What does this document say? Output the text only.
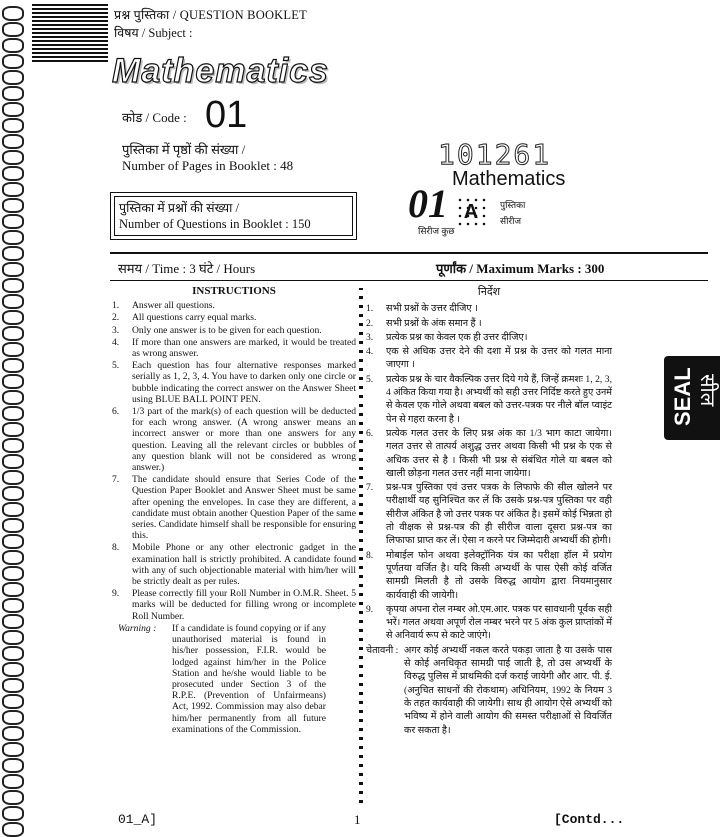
प्रश्न पुस्तिका / QUESTION BOOKLET
विषय / Subject :
Mathematics
कोड / Code : 01
पुस्तिका में पृष्ठों की संख्या /
Number of Pages in Booklet : 48
पुस्तिका में प्रश्नों की संख्या /
Number of Questions in Booklet : 150
101261
01
Mathematics
A
सिरीज कुछ
पुस्तिका
सीरीज
समय / Time : 3 घंटे / Hours	पूर्णांक / Maximum Marks : 300
INSTRUCTIONS
1.	Answer all questions.
2.	All questions carry equal marks.
3.	Only one answer is to be given for each question.
4.	If more than one answers are marked, it would be treated as wrong answer.
5.	Each question has four alternative responses marked serially as 1, 2, 3, 4. You have to darken only one circle or bubble indicating the correct answer on the Answer Sheet using BLUE BALL POINT PEN.
6.	1/3 part of the mark(s) of each question will be deducted for each wrong answer. (A wrong answer means an incorrect answer or more than one answers for any question. Leaving all the relevant circles or bubbles of any question blank will not be considered as wrong answer.)
7.	The candidate should ensure that Series Code of the Question Paper Booklet and Answer Sheet must be same after opening the envelopes. In case they are different, a candidate must obtain another Question Paper of the same series. Candidate himself shall be responsible for ensuring this.
8.	Mobile Phone or any other electronic gadget in the examination hall is strictly prohibited. A candidate found with any of such objectionable material with him/her will be strictly dealt as per rules.
9.	Please correctly fill your Roll Number in O.M.R. Sheet. 5 marks will be deducted for filling wrong or incomplete Roll Number.
Warning :	If a candidate is found copying or if any unauthorised material is found in his/her possession, F.I.R. would be lodged against him/her in the Police Station and he/she would liable to be prosecuted under Section 3 of the R.P.E. (Prevention of Unfairmeans) Act, 1992. Commission may also debar him/her permanently from all future examinations of the Commission.
निर्देश
1.	सभी प्रश्नों के उत्तर दीजिए ।
2.	सभी प्रश्नों के अंक समान हैं ।
3.	प्रत्येक प्रश्न का केवल एक ही उत्तर दीजिए।
4.	एक से अधिक उत्तर देने की दशा में प्रश्न के उत्तर को गलत माना जाएगा ।
5.	प्रत्येक प्रश्न के चार वैकल्पिक उत्तर दिये गये हैं, जिन्हें क्रमशः 1, 2, 3, 4 अंकित किया गया है। अभ्यर्थी को सही उत्तर निर्दिष्ट करते हुए उनमें से केवल एक गोले अथवा बबल को उत्तर-पत्रक पर नीले बॉल प्वाइंट पेन से गहरा करना है ।
6.	प्रत्येक गलत उत्तर के लिए प्रश्न अंक का 1/3 भाग काटा जायेगा। गलत उत्तर से तात्पर्य अशुद्ध उत्तर अथवा किसी भी प्रश्न के एक से अधिक उत्तर से है । किसी भी प्रश्न से संबंधित गोले या बबल को खाली छोड़ना गलत उत्तर नहीं माना जायेगा।
7.	प्रश्न-पत्र पुस्तिका एवं उत्तर पत्रक के लिफाफे की सील खोलने पर परीक्षार्थी यह सुनिश्चित कर लें कि उसके प्रश्न-पत्र पुस्तिका पर वही सीरीज अंकित है जो उत्तर पत्रक पर अंकित है। इसमें कोई भिन्नता हो तो वीक्षक से प्रश्न-पत्र की ही सीरीज वाला दूसरा प्रश्न-पत्र का लिफाफा प्राप्त कर लें। ऐसा न करने पर जिम्मेदारी अभ्यर्थी की होगी।
8.	मोबाईल फोन अथवा इलेक्ट्रॉनिक यंत्र का परीक्षा हॉल में प्रयोग पूर्णतया वर्जित है। यदि किसी अभ्यर्थी के पास ऐसी कोई वर्जित सामग्री मिलती है तो उसके विरुद्ध आयोग द्वारा नियमानुसार कार्यवाही की जायेगी।
9.	कृपया अपना रोल नम्बर ओ.एम.आर. पत्रक पर सावधानी पूर्वक सही भरें। गलत अथवा अपूर्ण रोल नम्बर भरने पर 5 अंक कुल प्राप्तांकों में से अनिवार्य रूप से काटे जाएंगे।
चेतावनी : अगर कोई अभ्यर्थी नकल करते पकड़ा जाता है या उसके पास से कोई अनधिकृत सामग्री पाई जाती है, तो उस अभ्यर्थी के विरुद्ध पुलिस में प्राथमिकी दर्ज कराई जायेगी और आर. पी. ई. (अनुचित साधनों की रोकथाम) अधिनियम, 1992 के नियम 3 के तहत कार्यवाही की जायेगी। साथ ही आयोग ऐसे अभ्यर्थी को भविष्य में होने वाली आयोग की समस्त परीक्षाओं से विवर्जित कर सकता है।
SEAL सील
01_A]	1	[Contd...
